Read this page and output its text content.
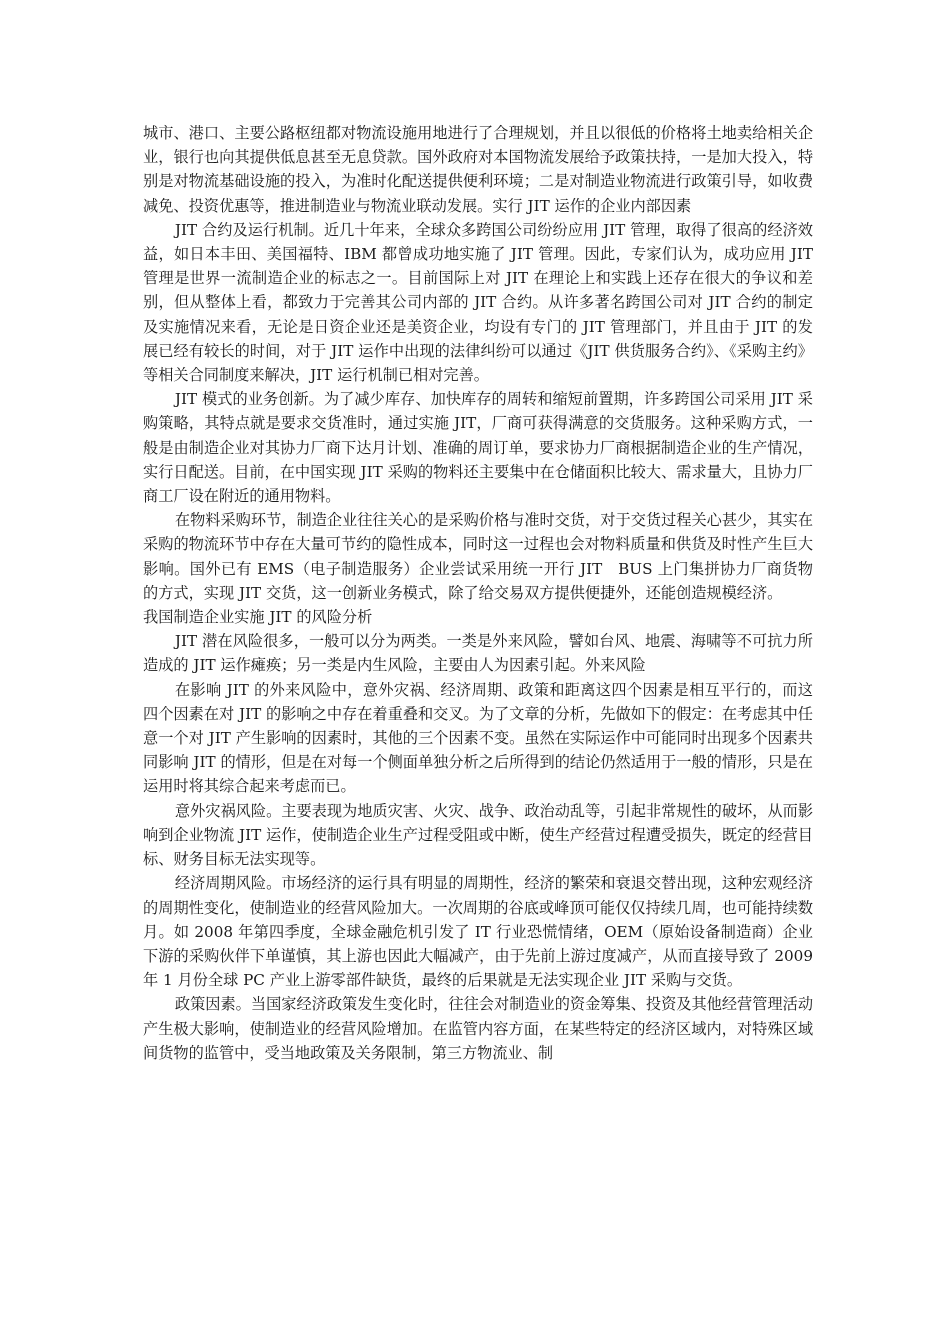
城市、港口、主要公路枢纽都对物流设施用地进行了合理规划，并且以很低的价格将土地卖给相关企业，银行也向其提供低息甚至无息贷款。国外政府对本国物流发展给予政策扶持，一是加大投入，特别是对物流基础设施的投入，为准时化配送提供便利环境；二是对制造业物流进行政策引导，如收费减免、投资优惠等，推进制造业与物流业联动发展。实行 JIT 运作的企业内部因素

JIT 合约及运行机制。近几十年来，全球众多跨国公司纷纷应用 JIT 管理，取得了很高的经济效益，如日本丰田、美国福特、IBM 都曾成功地实施了 JIT 管理。因此，专家们认为，成功应用 JIT 管理是世界一流制造企业的标志之一。目前国际上对 JIT 在理论上和实践上还存在很大的争议和差别，但从整体上看，都致力于完善其公司内部的 JIT 合约。从许多著名跨国公司对 JIT 合约的制定及实施情况来看，无论是日资企业还是美资企业，均设有专门的 JIT 管理部门，并且由于 JIT 的发展已经有较长的时间，对于 JIT 运作中出现的法律纠纷可以通过《JIT 供货服务合约》、《采购主约》等相关合同制度来解决，JIT 运行机制已相对完善。

JIT 模式的业务创新。为了减少库存、加快库存的周转和缩短前置期，许多跨国公司采用 JIT 采购策略，其特点就是要求交货准时，通过实施 JIT，厂商可获得满意的交货服务。这种采购方式，一般是由制造企业对其协力厂商下达月计划、准确的周订单，要求协力厂商根据制造企业的生产情况，实行日配送。目前，在中国实现 JIT 采购的物料还主要集中在仓储面积比较大、需求量大，且协力厂商工厂设在附近的通用物料。

在物料采购环节，制造企业往往关心的是采购价格与准时交货，对于交货过程关心甚少，其实在采购的物流环节中存在大量可节约的隐性成本，同时这一过程也会对物料质量和供货及时性产生巨大影响。国外已有 EMS（电子制造服务）企业尝试采用统一开行 JIT　BUS 上门集拼协力厂商货物的方式，实现 JIT 交货，这一创新业务模式，除了给交易双方提供便捷外，还能创造规模经济。

我国制造企业实施 JIT 的风险分析

JIT 潜在风险很多，一般可以分为两类。一类是外来风险，譬如台风、地震、海啸等不可抗力所造成的 JIT 运作瘫痪；另一类是内生风险，主要由人为因素引起。外来风险

在影响 JIT 的外来风险中，意外灾祸、经济周期、政策和距离这四个因素是相互平行的，而这四个因素在对 JIT 的影响之中存在着重叠和交叉。为了文章的分析，先做如下的假定：在考虑其中任意一个对 JIT 产生影响的因素时，其他的三个因素不变。虽然在实际运作中可能同时出现多个因素共同影响 JIT 的情形，但是在对每一个侧面单独分析之后所得到的结论仍然适用于一般的情形，只是在运用时将其综合起来考虑而已。

意外灾祸风险。主要表现为地质灾害、火灾、战争、政治动乱等，引起非常规性的破坏，从而影响到企业物流 JIT 运作，使制造企业生产过程受阻或中断，使生产经营过程遭受损失，既定的经营目标、财务目标无法实现等。

经济周期风险。市场经济的运行具有明显的周期性，经济的繁荣和衰退交替出现，这种宏观经济的周期性变化，使制造业的经营风险加大。一次周期的谷底或峰顶可能仅仅持续几周，也可能持续数月。如 2008 年第四季度，全球金融危机引发了 IT 行业恐慌情绪，OEM（原始设备制造商）企业下游的采购伙伴下单谨慎，其上游也因此大幅减产，由于先前上游过度减产，从而直接导致了 2009 年 1 月份全球 PC 产业上游零部件缺货，最终的后果就是无法实现企业 JIT 采购与交货。

政策因素。当国家经济政策发生变化时，往往会对制造业的资金筹集、投资及其他经营管理活动产生极大影响，使制造业的经营风险增加。在监管内容方面，在某些特定的经济区域内，对特殊区域间货物的监管中，受当地政策及关务限制，第三方物流业、制
